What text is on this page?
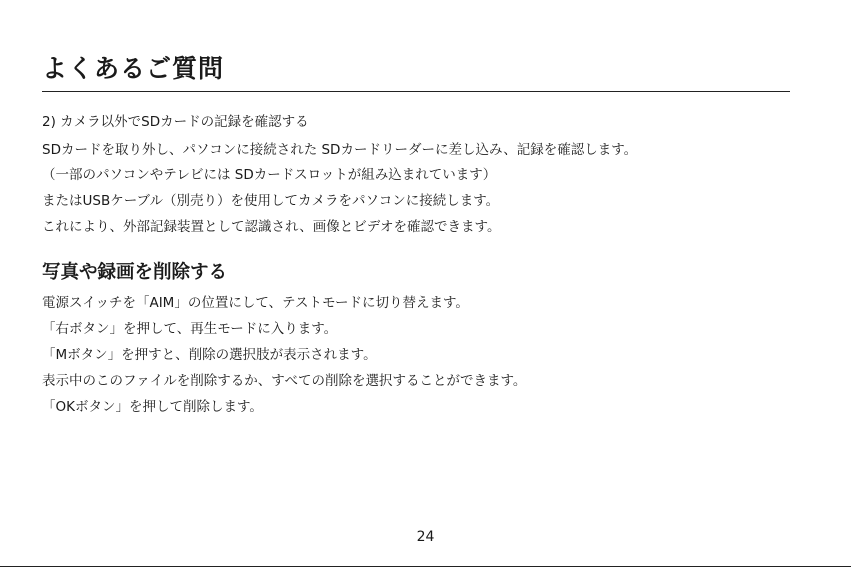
よくあるご質問
2) カメラ以外でSDカードの記録を確認する
SDカードを取り外し、パソコンに接続された SDカードリーダーに差し込み、記録を確認します。
（一部のパソコンやテレビには SDカードスロットが組み込まれています）
またはUSBケーブル（別売り）を使用してカメラをパソコンに接続します。
これにより、外部記録装置として認識され、画像とビデオを確認できます。
写真や録画を削除する
電源スイッチを「AIM」の位置にして、テストモードに切り替えます。
「右ボタン」を押して、再生モードに入ります。
「Mボタン」を押すと、削除の選択肢が表示されます。
表示中のこのファイルを削除するか、すべての削除を選択することができます。
「OKボタン」を押して削除します。
24
